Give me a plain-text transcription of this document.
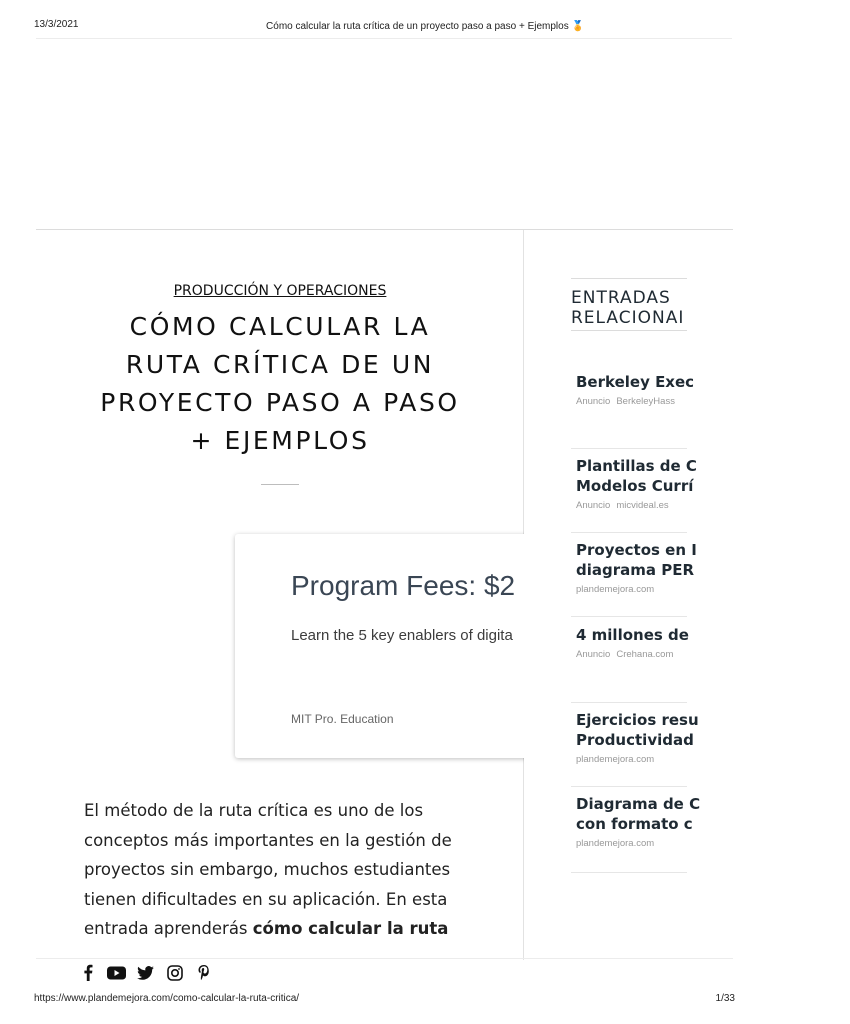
13/3/2021	Cómo calcular la ruta crítica de un proyecto paso a paso + Ejemplos 🏅
PRODUCCIÓN Y OPERACIONES
CÓMO CALCULAR LA
RUTA CRÍTICA DE UN
PROYECTO PASO A PASO
+ EJEMPLOS
Program Fees: $2
Learn the 5 key enablers of digita
MIT Pro. Education

El método de la ruta crítica es uno de los conceptos más importantes en la gestión de proyectos sin embargo, muchos estudiantes tienen dificultades en su aplicación. En esta entrada aprenderás cómo calcular la ruta

ENTRADAS
RELACIONAI
Berkeley Exec
Anuncio BerkeleyHass
Plantillas de C
Modelos Currí
Anuncio micvideal.es
Proyectos en I
diagrama PER
plandemejora.com
4 millones de
Anuncio Crehana.com
Ejercicios resu
Productividad
plandemejora.com
Diagrama de C
con formato c
plandemejora.com
https://www.plandemejora.com/como-calcular-la-ruta-critica/	1/33
